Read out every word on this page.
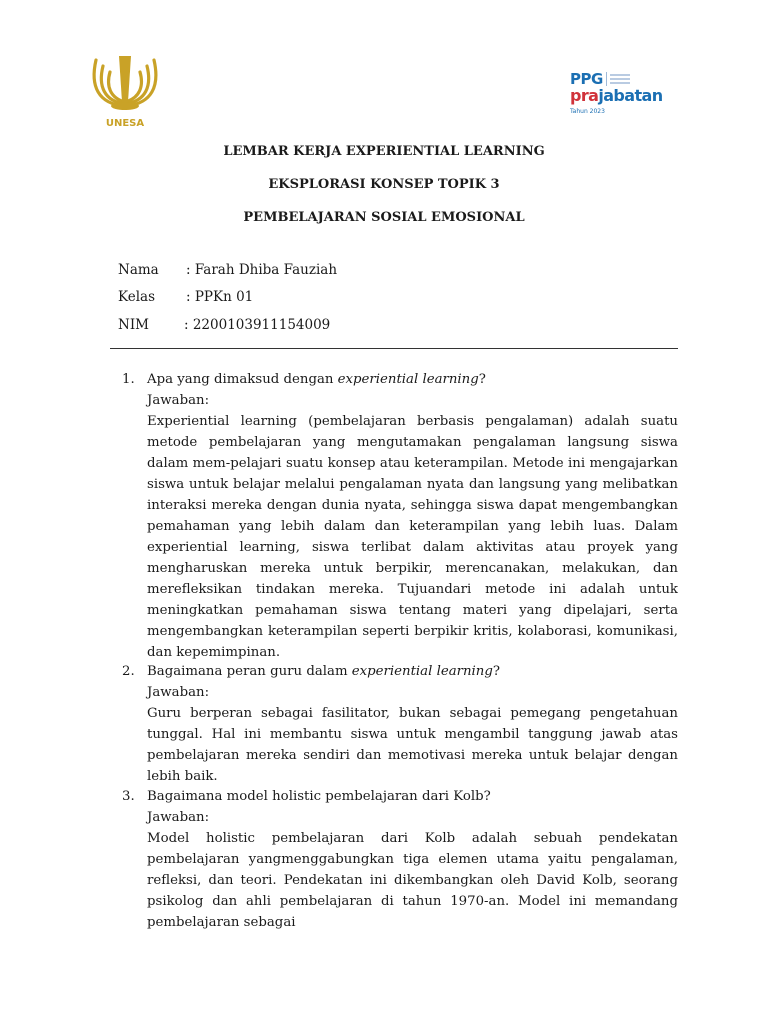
UNESA
PPG
prajabatan
Tahun 2023
LEMBAR KERJA EXPERIENTIAL LEARNING
EKSPLORASI KONSEP TOPIK 3
PEMBELAJARAN SOSIAL EMOSIONAL
Nama : Farah Dhiba Fauziah
Kelas : PPKn 01
NIM	: 2200103911154009
1. Apa yang dimaksud dengan experiential learning?
Jawaban:
Experiential learning (pembelajaran berbasis pengalaman) adalah suatu metode pembelajaran yang mengutamakan pengalaman langsung siswa dalam mem-pelajari suatu konsep atau keterampilan. Metode ini mengajarkan siswa untuk belajar melalui pengalaman nyata dan langsung yang melibatkan interaksi mereka dengan dunia nyata, sehingga siswa dapat mengembangkan pemahaman yang lebih dalam dan keterampilan yang lebih luas. Dalam experiential learning, siswa terlibat dalam aktivitas atau proyek yang mengharuskan mereka untuk berpikir, merencanakan, melakukan, dan merefleksikan tindakan mereka. Tujuandari metode ini adalah untuk meningkatkan pemahaman siswa tentang materi yang dipelajari, serta mengembangkan keterampilan seperti berpikir kritis, kolaborasi, komunikasi, dan kepemimpinan.
2. Bagaimana peran guru dalam experiential learning?
Jawaban:
Guru berperan sebagai fasilitator, bukan sebagai pemegang pengetahuan tunggal. Hal ini membantu siswa untuk mengambil tanggung jawab atas pembelajaran mereka sendiri dan memotivasi mereka untuk belajar dengan lebih baik.
3. Bagaimana model holistic pembelajaran dari Kolb?
Jawaban:
Model holistic pembelajaran dari Kolb adalah sebuah pendekatan pembelajaran yangmenggabungkan tiga elemen utama yaitu pengalaman, refleksi, dan teori. Pendekatan ini dikembangkan oleh David Kolb, seorang psikolog dan ahli pembelajaran di tahun 1970-an. Model ini memandang pembelajaran sebagai
